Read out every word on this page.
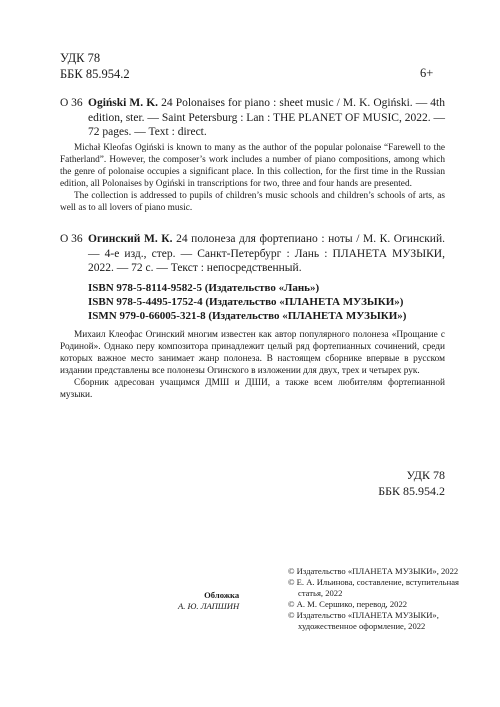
УДК 78
ББК 85.954.2	6+
О 36 Ogiński M. K. 24 Polonaises for piano : sheet music / M. K. Ogiński. — 4th edition, ster. — Saint Petersburg : Lan : THE PLANET OF MUSIC, 2022. — 72 pages. — Text : direct.

Michał Kleofas Ogiński is known to many as the author of the popular polonaise “Farewell to the Fatherland”. However, the composer’s work includes a number of piano compositions, among which the genre of polonaise occupies a significant place. In this collection, for the first time in the Russian edition, all Polonaises by Ogiński in transcriptions for two, three and four hands are presented.

The collection is addressed to pupils of children’s music schools and children’s schools of arts, as well as to all lovers of piano music.

О 36 Огинский М. К. 24 полонеза для фортепиано : ноты / М. К. Огинский. — 4-е изд., стер. — Санкт-Петербург : Лань : ПЛАНЕТА МУЗЫКИ, 2022. — 72 с. — Текст : непосредственный.
ISBN 978-5-8114-9582-5 (Издательство «Лань»)
ISBN 978-5-4495-1752-4 (Издательство «ПЛАНЕТА МУЗЫКИ»)
ISMN 979-0-66005-321-8 (Издательство «ПЛАНЕТА МУЗЫКИ»)

Михаил Клеофас Огинский многим известен как автор популярного полонеза «Прощание с Родиной». Однако перу композитора принадлежит целый ряд фортепианных сочинений, среди которых важное место занимает жанр полонеза. В настоящем сборнике впервые в русском издании представлены все полонезы Огинского в изложении для двух, трех и четырех рук.

Сборник адресован учащимся ДМШ и ДШИ, а также всем любителям фортепианной музыки.

УДК 78
ББК 85.954.2
Обложка
А. Ю. ЛАПШИН
© Издательство «ПЛАНЕТА МУЗЫКИ», 2022
© Е. А. Ильинова, составление, вступительная статья, 2022
© А. М. Сершико, перевод, 2022
© Издательство «ПЛАНЕТА МУЗЫКИ», художественное оформление, 2022
